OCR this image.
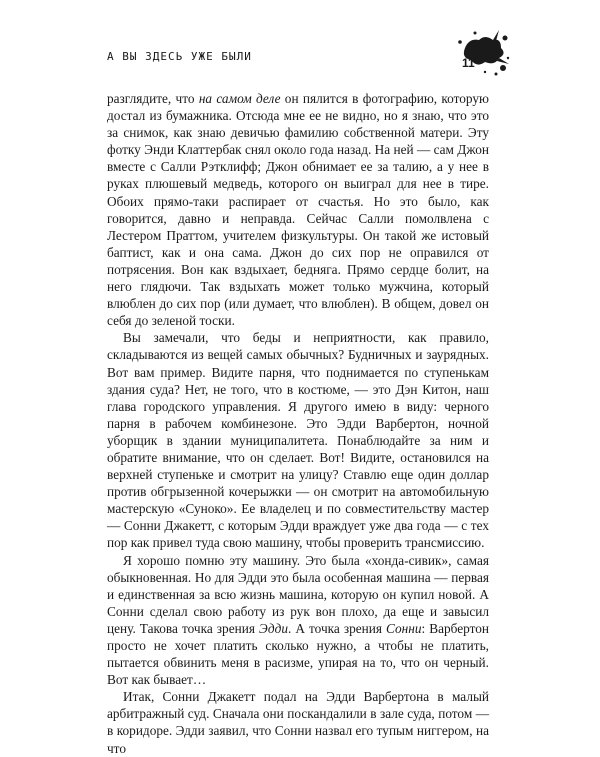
А ВЫ ЗДЕСЬ УЖЕ БЫЛИ	11

разглядите, что на самом деле он пялится в фотографию, которую достал из бумажника. Отсюда мне ее не видно, но я знаю, что это за снимок, как знаю девичью фамилию собственной матери. Эту фотку Энди Клаттербак снял около года назад. На ней — сам Джон вместе с Салли Рэтклифф; Джон обнимает ее за талию, а у нее в руках плюшевый медведь, которого он выиграл для нее в тире. Обоих прямо-таки распирает от счастья. Но это было, как говорится, давно и неправда. Сейчас Салли помолвлена с Лестером Праттом, учителем физкультуры. Он такой же истовый баптист, как и она сама. Джон до сих пор не оправился от потрясения. Вон как вздыхает, бедняга. Прямо сердце болит, на него глядючи. Так вздыхать может только мужчина, который влюблен до сих пор (или думает, что влюблен). В общем, довел он себя до зеленой тоски.

Вы замечали, что беды и неприятности, как правило, складываются из вещей самых обычных? Будничных и заурядных. Вот вам пример. Видите парня, что поднимается по ступенькам здания суда? Нет, не того, что в костюме, — это Дэн Китон, наш глава городского управления. Я другого имею в виду: черного парня в рабочем комбинезоне. Это Эдди Варбертон, ночной уборщик в здании муниципалитета. Понаблюдайте за ним и обратите внимание, что он сделает. Вот! Видите, остановился на верхней ступеньке и смотрит на улицу? Ставлю еще один доллар против обгрызенной кочерыжки — он смотрит на автомобильную мастерскую «Суноко». Ее владелец и по совместительству мастер — Сонни Джакетт, с которым Эдди враждует уже два года — с тех пор как привел туда свою машину, чтобы проверить трансмиссию.

Я хорошо помню эту машину. Это была «хонда-сивик», самая обыкновенная. Но для Эдди это была особенная машина — первая и единственная за всю жизнь машина, которую он купил новой. А Сонни сделал свою работу из рук вон плохо, да еще и завысил цену. Такова точка зрения Эдди. А точка зрения Сонни: Варбертон просто не хочет платить сколько нужно, а чтобы не платить, пытается обвинить меня в расизме, упирая на то, что он черный. Вот как бывает…

Итак, Сонни Джакетт подал на Эдди Варбертона в малый арбитражный суд. Сначала они поскандалили в зале суда, потом — в коридоре. Эдди заявил, что Сонни назвал его тупым ниггером, на что
